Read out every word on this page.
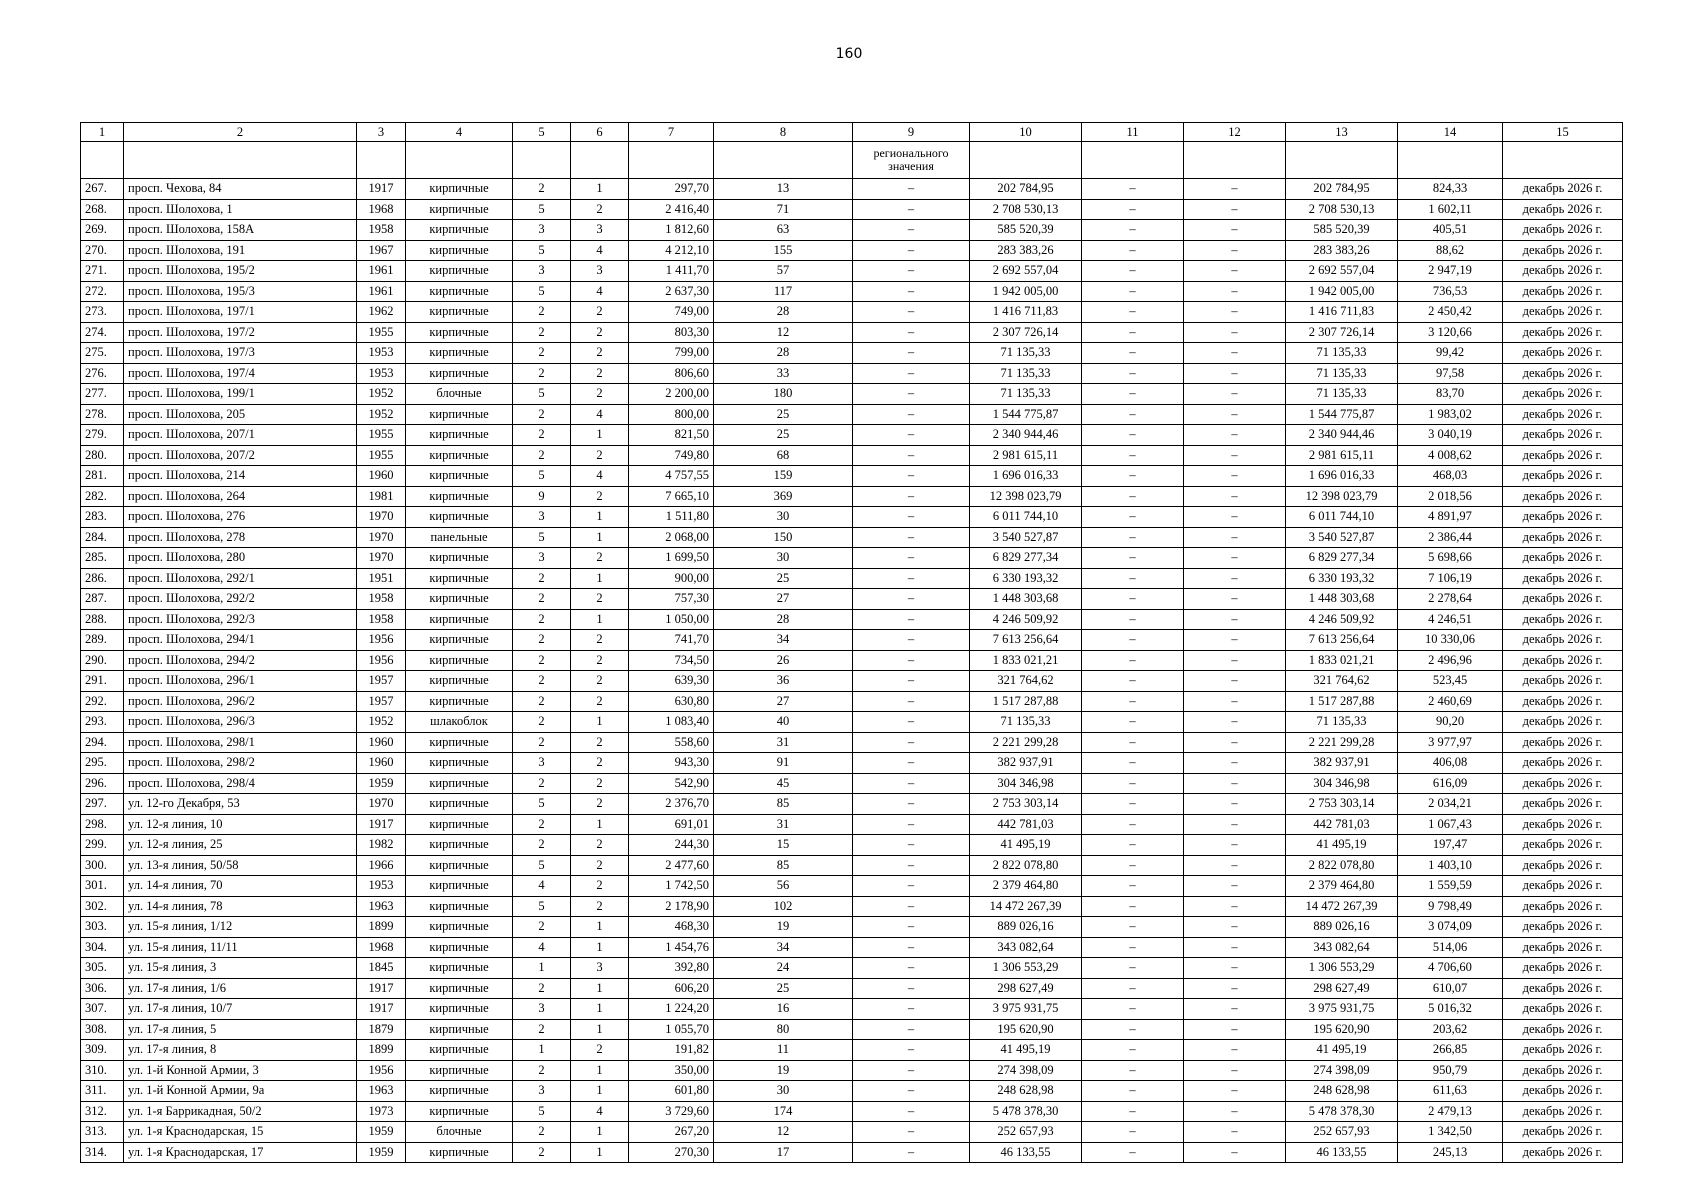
160
1	2	3	4	5	6	7	8	9	10	11	12	13	14	15
								регионального значения						
267.	просп. Чехова, 84	1917	кирпичные	2	1	297,70	13	–	202 784,95	–	–	202 784,95	824,33	декабрь 2026 г.
268.	просп. Шолохова, 1	1968	кирпичные	5	2	2 416,40	71	–	2 708 530,13	–	–	2 708 530,13	1 602,11	декабрь 2026 г.
269.	просп. Шолохова, 158А	1958	кирпичные	3	3	1 812,60	63	–	585 520,39	–	–	585 520,39	405,51	декабрь 2026 г.
270.	просп. Шолохова, 191	1967	кирпичные	5	4	4 212,10	155	–	283 383,26	–	–	283 383,26	88,62	декабрь 2026 г.
271.	просп. Шолохова, 195/2	1961	кирпичные	3	3	1 411,70	57	–	2 692 557,04	–	–	2 692 557,04	2 947,19	декабрь 2026 г.
272.	просп. Шолохова, 195/3	1961	кирпичные	5	4	2 637,30	117	–	1 942 005,00	–	–	1 942 005,00	736,53	декабрь 2026 г.
273.	просп. Шолохова, 197/1	1962	кирпичные	2	2	749,00	28	–	1 416 711,83	–	–	1 416 711,83	2 450,42	декабрь 2026 г.
274.	просп. Шолохова, 197/2	1955	кирпичные	2	2	803,30	12	–	2 307 726,14	–	–	2 307 726,14	3 120,66	декабрь 2026 г.
275.	просп. Шолохова, 197/3	1953	кирпичные	2	2	799,00	28	–	71 135,33	–	–	71 135,33	99,42	декабрь 2026 г.
276.	просп. Шолохова, 197/4	1953	кирпичные	2	2	806,60	33	–	71 135,33	–	–	71 135,33	97,58	декабрь 2026 г.
277.	просп. Шолохова, 199/1	1952	блочные	5	2	2 200,00	180	–	71 135,33	–	–	71 135,33	83,70	декабрь 2026 г.
278.	просп. Шолохова, 205	1952	кирпичные	2	4	800,00	25	–	1 544 775,87	–	–	1 544 775,87	1 983,02	декабрь 2026 г.
279.	просп. Шолохова, 207/1	1955	кирпичные	2	1	821,50	25	–	2 340 944,46	–	–	2 340 944,46	3 040,19	декабрь 2026 г.
280.	просп. Шолохова, 207/2	1955	кирпичные	2	2	749,80	68	–	2 981 615,11	–	–	2 981 615,11	4 008,62	декабрь 2026 г.
281.	просп. Шолохова, 214	1960	кирпичные	5	4	4 757,55	159	–	1 696 016,33	–	–	1 696 016,33	468,03	декабрь 2026 г.
282.	просп. Шолохова, 264	1981	кирпичные	9	2	7 665,10	369	–	12 398 023,79	–	–	12 398 023,79	2 018,56	декабрь 2026 г.
283.	просп. Шолохова, 276	1970	кирпичные	3	1	1 511,80	30	–	6 011 744,10	–	–	6 011 744,10	4 891,97	декабрь 2026 г.
284.	просп. Шолохова, 278	1970	панельные	5	1	2 068,00	150	–	3 540 527,87	–	–	3 540 527,87	2 386,44	декабрь 2026 г.
285.	просп. Шолохова, 280	1970	кирпичные	3	2	1 699,50	30	–	6 829 277,34	–	–	6 829 277,34	5 698,66	декабрь 2026 г.
286.	просп. Шолохова, 292/1	1951	кирпичные	2	1	900,00	25	–	6 330 193,32	–	–	6 330 193,32	7 106,19	декабрь 2026 г.
287.	просп. Шолохова, 292/2	1958	кирпичные	2	2	757,30	27	–	1 448 303,68	–	–	1 448 303,68	2 278,64	декабрь 2026 г.
288.	просп. Шолохова, 292/3	1958	кирпичные	2	1	1 050,00	28	–	4 246 509,92	–	–	4 246 509,92	4 246,51	декабрь 2026 г.
289.	просп. Шолохова, 294/1	1956	кирпичные	2	2	741,70	34	–	7 613 256,64	–	–	7 613 256,64	10 330,06	декабрь 2026 г.
290.	просп. Шолохова, 294/2	1956	кирпичные	2	2	734,50	26	–	1 833 021,21	–	–	1 833 021,21	2 496,96	декабрь 2026 г.
291.	просп. Шолохова, 296/1	1957	кирпичные	2	2	639,30	36	–	321 764,62	–	–	321 764,62	523,45	декабрь 2026 г.
292.	просп. Шолохова, 296/2	1957	кирпичные	2	2	630,80	27	–	1 517 287,88	–	–	1 517 287,88	2 460,69	декабрь 2026 г.
293.	просп. Шолохова, 296/3	1952	шлакоблок	2	1	1 083,40	40	–	71 135,33	–	–	71 135,33	90,20	декабрь 2026 г.
294.	просп. Шолохова, 298/1	1960	кирпичные	2	2	558,60	31	–	2 221 299,28	–	–	2 221 299,28	3 977,97	декабрь 2026 г.
295.	просп. Шолохова, 298/2	1960	кирпичные	3	2	943,30	91	–	382 937,91	–	–	382 937,91	406,08	декабрь 2026 г.
296.	просп. Шолохова, 298/4	1959	кирпичные	2	2	542,90	45	–	304 346,98	–	–	304 346,98	616,09	декабрь 2026 г.
297.	ул. 12-го Декабря, 53	1970	кирпичные	5	2	2 376,70	85	–	2 753 303,14	–	–	2 753 303,14	2 034,21	декабрь 2026 г.
298.	ул. 12-я линия, 10	1917	кирпичные	2	1	691,01	31	–	442 781,03	–	–	442 781,03	1 067,43	декабрь 2026 г.
299.	ул. 12-я линия, 25	1982	кирпичные	2	2	244,30	15	–	41 495,19	–	–	41 495,19	197,47	декабрь 2026 г.
300.	ул. 13-я линия, 50/58	1966	кирпичные	5	2	2 477,60	85	–	2 822 078,80	–	–	2 822 078,80	1 403,10	декабрь 2026 г.
301.	ул. 14-я линия, 70	1953	кирпичные	4	2	1 742,50	56	–	2 379 464,80	–	–	2 379 464,80	1 559,59	декабрь 2026 г.
302.	ул. 14-я линия, 78	1963	кирпичные	5	2	2 178,90	102	–	14 472 267,39	–	–	14 472 267,39	9 798,49	декабрь 2026 г.
303.	ул. 15-я линия, 1/12	1899	кирпичные	2	1	468,30	19	–	889 026,16	–	–	889 026,16	3 074,09	декабрь 2026 г.
304.	ул. 15-я линия, 11/11	1968	кирпичные	4	1	1 454,76	34	–	343 082,64	–	–	343 082,64	514,06	декабрь 2026 г.
305.	ул. 15-я линия, 3	1845	кирпичные	1	3	392,80	24	–	1 306 553,29	–	–	1 306 553,29	4 706,60	декабрь 2026 г.
306.	ул. 17-я линия, 1/6	1917	кирпичные	2	1	606,20	25	–	298 627,49	–	–	298 627,49	610,07	декабрь 2026 г.
307.	ул. 17-я линия, 10/7	1917	кирпичные	3	1	1 224,20	16	–	3 975 931,75	–	–	3 975 931,75	5 016,32	декабрь 2026 г.
308.	ул. 17-я линия, 5	1879	кирпичные	2	1	1 055,70	80	–	195 620,90	–	–	195 620,90	203,62	декабрь 2026 г.
309.	ул. 17-я линия, 8	1899	кирпичные	1	2	191,82	11	–	41 495,19	–	–	41 495,19	266,85	декабрь 2026 г.
310.	ул. 1-й Конной Армии, 3	1956	кирпичные	2	1	350,00	19	–	274 398,09	–	–	274 398,09	950,79	декабрь 2026 г.
311.	ул. 1-й Конной Армии, 9а	1963	кирпичные	3	1	601,80	30	–	248 628,98	–	–	248 628,98	611,63	декабрь 2026 г.
312.	ул. 1-я Баррикадная, 50/2	1973	кирпичные	5	4	3 729,60	174	–	5 478 378,30	–	–	5 478 378,30	2 479,13	декабрь 2026 г.
313.	ул. 1-я Краснодарская, 15	1959	блочные	2	1	267,20	12	–	252 657,93	–	–	252 657,93	1 342,50	декабрь 2026 г.
314.	ул. 1-я Краснодарская, 17	1959	кирпичные	2	1	270,30	17	–	46 133,55	–	–	46 133,55	245,13	декабрь 2026 г.
